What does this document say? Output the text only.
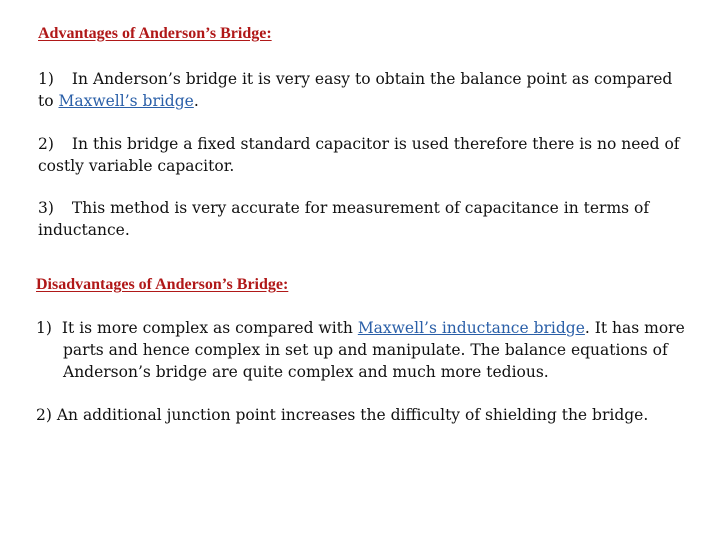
Advantages of Anderson’s Bridge:
1) In Anderson’s bridge it is very easy to obtain the balance point as compared
to Maxwell’s bridge.
2) In this bridge a fixed standard capacitor is used therefore there is no need of
costly variable capacitor.
3) This method is very accurate for measurement of capacitance in terms of
inductance.
Disadvantages of Anderson’s Bridge:
1) It is more complex as compared with Maxwell’s inductance bridge. It has more
parts and hence complex in set up and manipulate. The balance equations of
Anderson’s bridge are quite complex and much more tedious.
2) An additional junction point increases the difficulty of shielding the bridge.
